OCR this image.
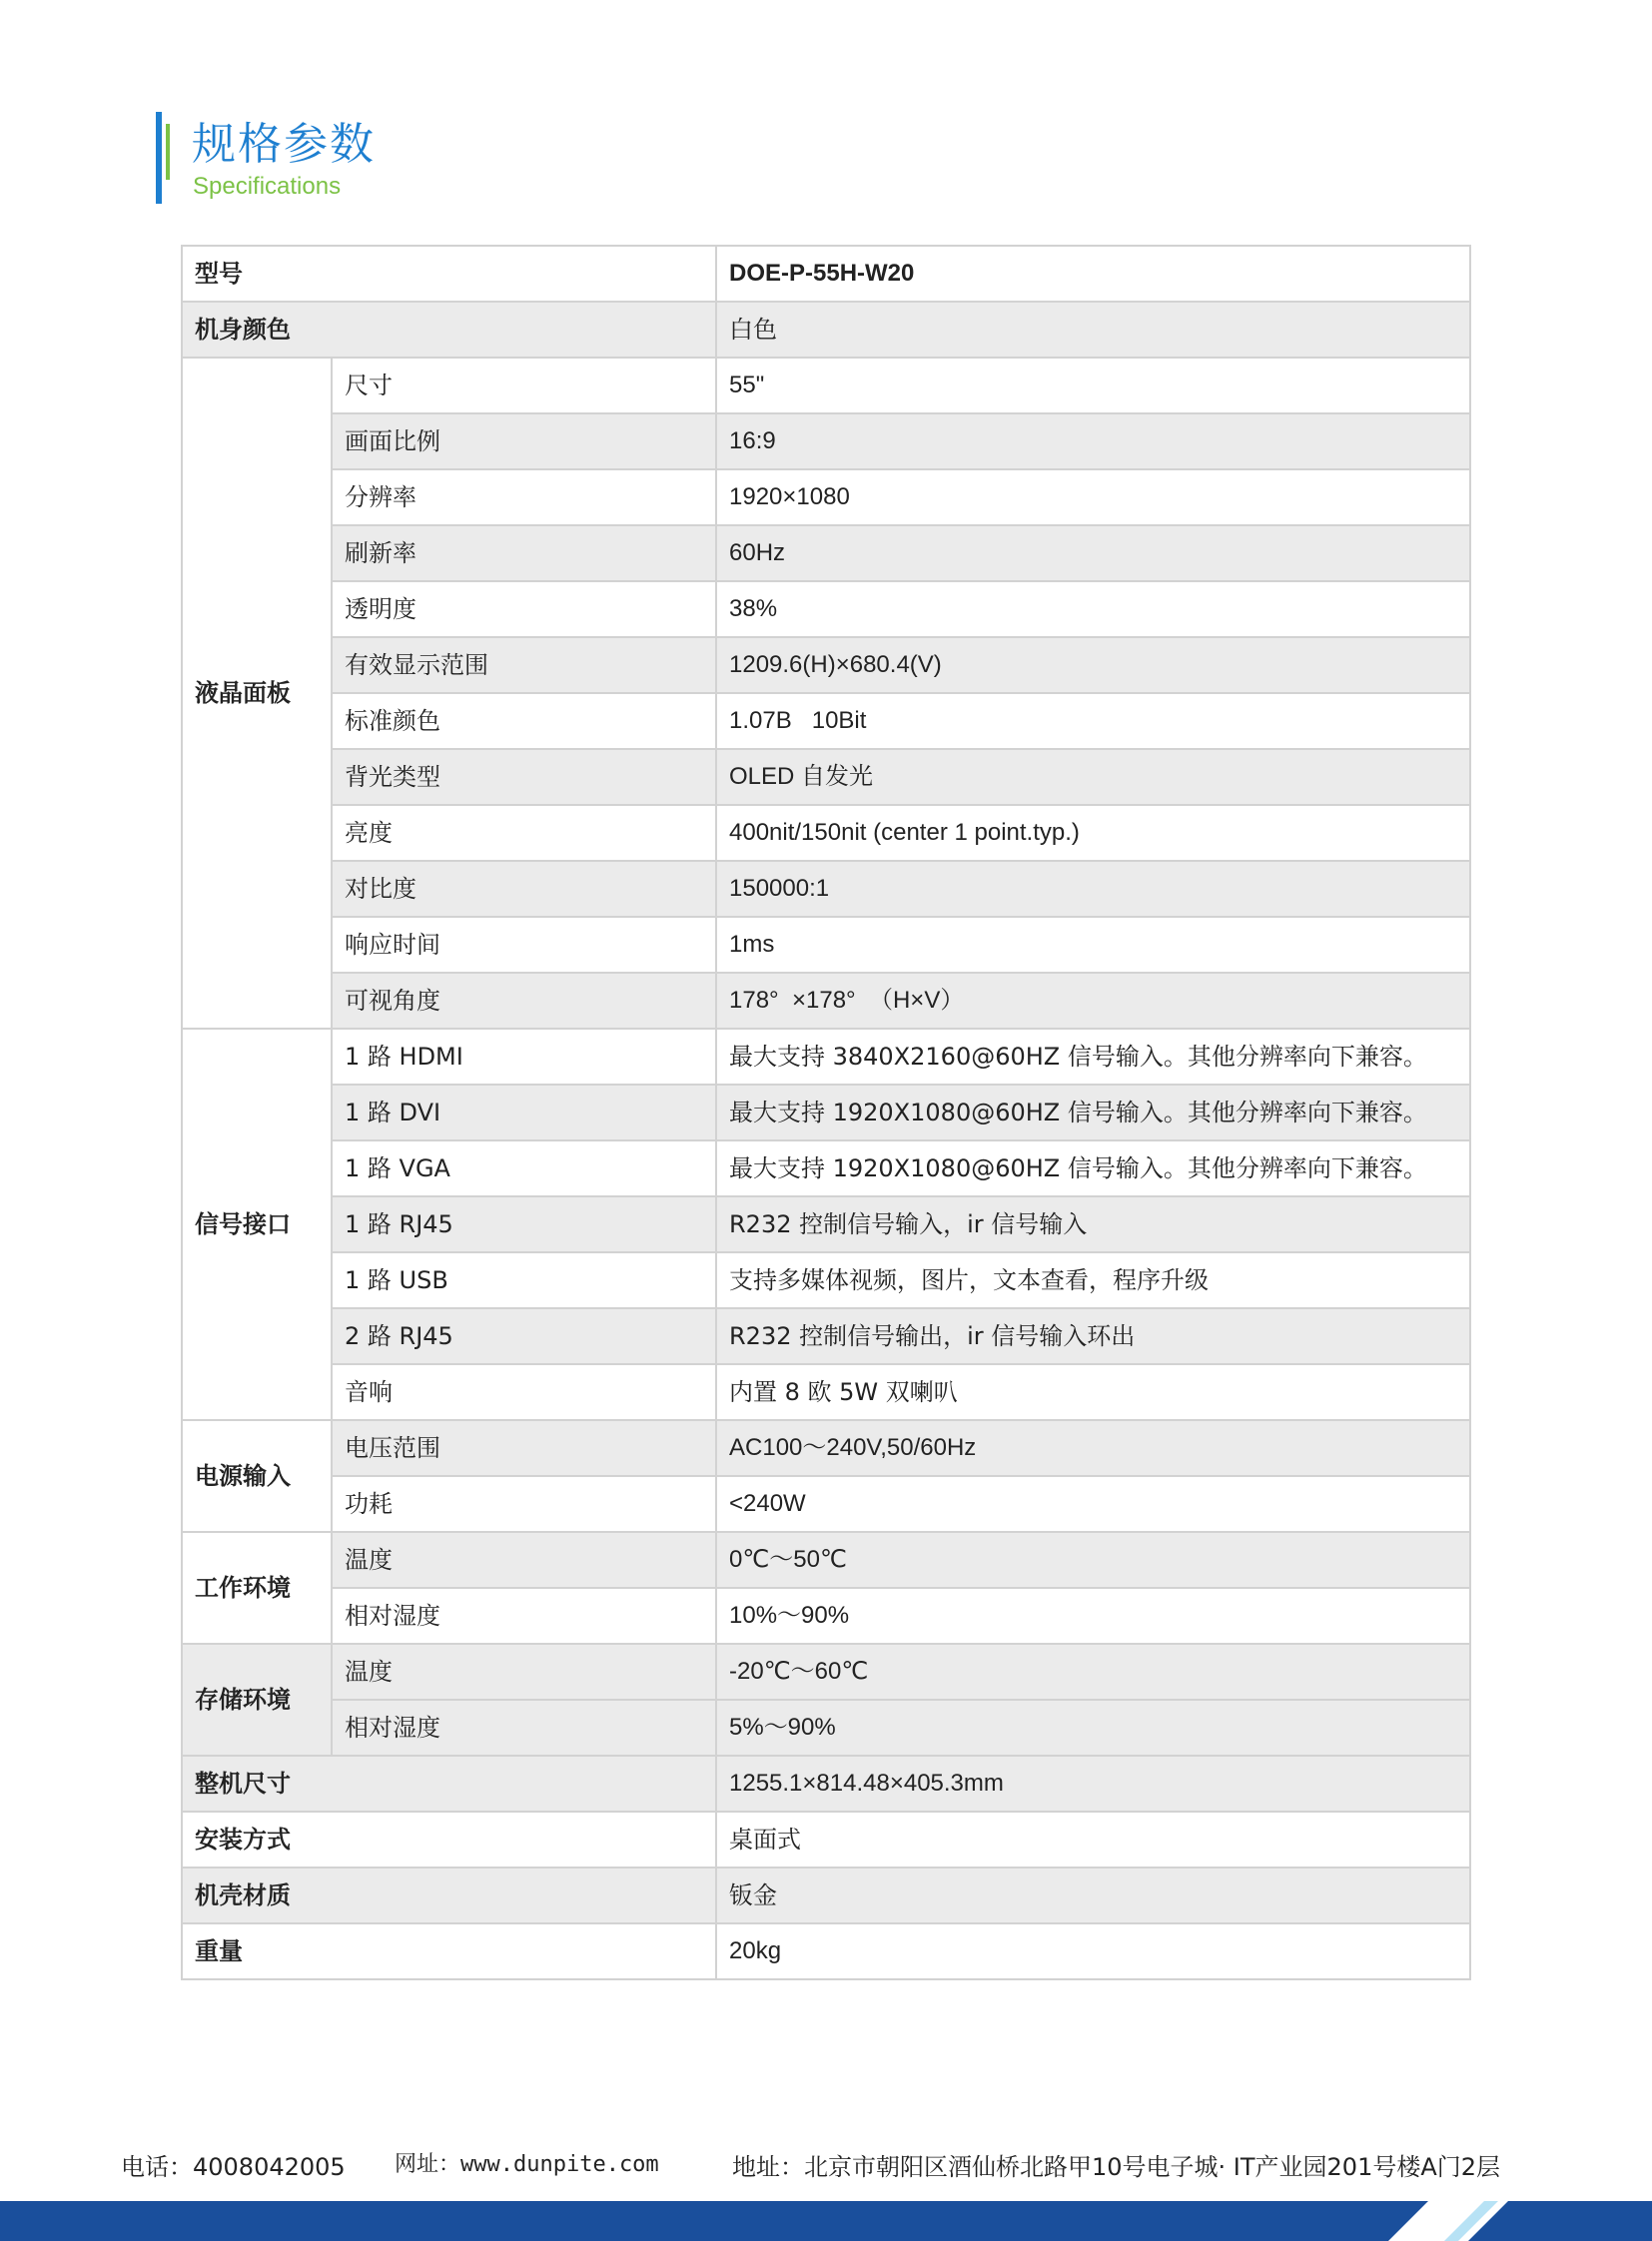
规格参数
Specifications
型号		DOE-P-55H-W20
机身颜色		白色
液晶面板	尺寸	55"
	画面比例	16:9
	分辨率	1920×1080
	刷新率	60Hz
	透明度	38%
	有效显示范围	1209.6(H)×680.4(V)
	标准颜色	1.07B   10Bit
	背光类型	OLED 自发光
	亮度	400nit/150nit (center 1 point.typ.)
	对比度	150000:1
	响应时间	1ms
	可视角度	178°  ×178°  （H×V）
信号接口	1 路 HDMI	最大支持 3840X2160@60HZ 信号输入。其他分辨率向下兼容。
	1 路 DVI	最大支持 1920X1080@60HZ 信号输入。其他分辨率向下兼容。
	1 路 VGA	最大支持 1920X1080@60HZ 信号输入。其他分辨率向下兼容。
	1 路 RJ45	R232 控制信号输入，ir 信号输入
	1 路 USB	支持多媒体视频，图片，文本查看，程序升级
	2 路 RJ45	R232 控制信号输出，ir 信号输入环出
	音响	内置 8 欧 5W 双喇叭
电源输入	电压范围	AC100～240V,50/60Hz
	功耗	<240W
工作环境	温度	0℃～50℃
	相对湿度	10%～90%
存储环境	温度	-20℃～60℃
	相对湿度	5%～90%
整机尺寸		1255.1×814.48×405.3mm
安装方式		桌面式
机壳材质		钣金
重量		20kg
电话：4008042005 网址：www.dunpite.com	地址：北京市朝阳区酒仙桥北路甲10号电子城· IT产业园201号楼A门2层
